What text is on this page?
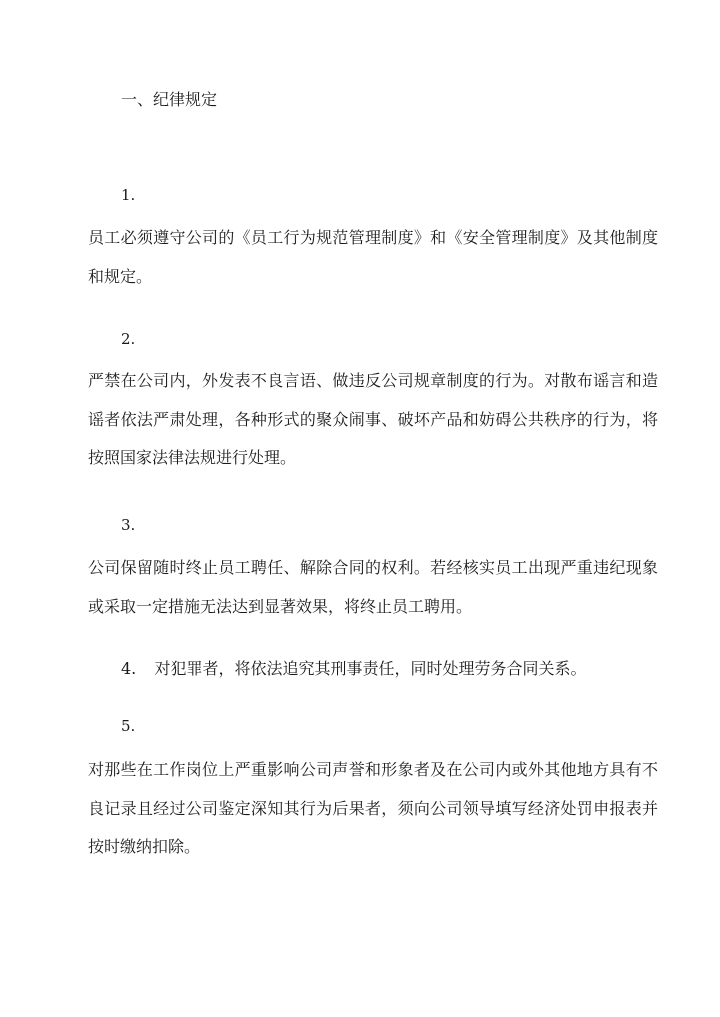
一、纪律规定
1.
员工必须遵守公司的《员工行为规范管理制度》和《安全管理制度》及其他制度和规定。
2.
严禁在公司内，外发表不良言语、做违反公司规章制度的行为。对散布谣言和造谣者依法严肃处理，各种形式的聚众闹事、破坏产品和妨碍公共秩序的行为，将按照国家法律法规进行处理。
3.
公司保留随时终止员工聘任、解除合同的权利。若经核实员工出现严重违纪现象或采取一定措施无法达到显著效果，将终止员工聘用。
4. 对犯罪者，将依法追究其刑事责任，同时处理劳务合同关系。
5.
对那些在工作岗位上严重影响公司声誉和形象者及在公司内或外其他地方具有不良记录且经过公司鉴定深知其行为后果者，须向公司领导填写经济处罚申报表并按时缴纳扣除。
